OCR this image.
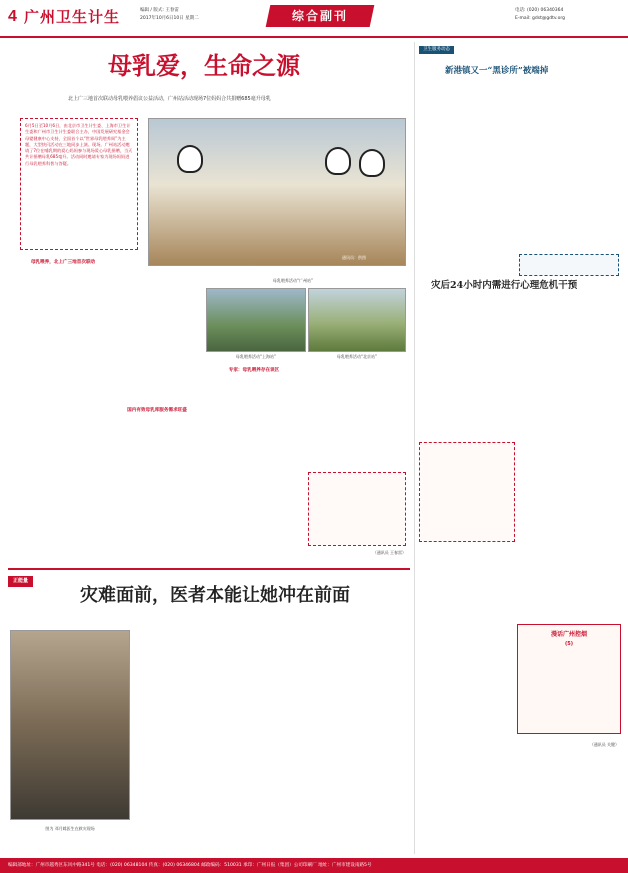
4 广州卫生计生	编辑 / 版式: 王春雷
2017年10月6日10日 星期二	综合副刊	电话: (020) 06340364
E-mail: gdst@gdtv.org
母乳爱，生命之源
北上广三地首次联动母乳喂养倡议公益活动，广州站活动现场7位妈妈合共捐赠685毫升母乳
6月5日至10月6日，由北京市卫生计生委、上海市卫生计生委和广州市卫生计生委联合主办，中国发展研究基金会母婴健康中心支持，全国首个以“世界母乳喂养周”为主题，大型快闪活动在三地同步上演。现场，广州站活动邀请了7位在哺乳期的爱心妈妈参与现场爱心母乳捐赠，当天共计捐赠母乳685毫升。活动同时邀请专家为现场妈妈进行母乳喂养科普与答疑。
通讯员：供图
母乳喂养，北上广三地首次联动
国内有效母乳库服务需求旺盛
母乳喂养活动“广州站”
母乳喂养活动“上海站”	母乳喂养活动“北京站”
专家：母乳喂养存在误区
（通讯员 王春雷）
正能量
灾难面前，医者本能让她冲在前面
图为 邓月嫦医生在救灾现场
卫生服务动态
新港镇又一“黑诊所”被端掉
灾后24小时内需进行心理危机干预
漫话广州控烟
(5)
（通讯员 关键）
编辑部地址：广州市越秀区东风中路341号 电话：(020) 06348104 传真：(020) 06346804 邮政编码：510031 承印：广州日报（集团）公司印刷厂 地址：广州市建设南路5号
